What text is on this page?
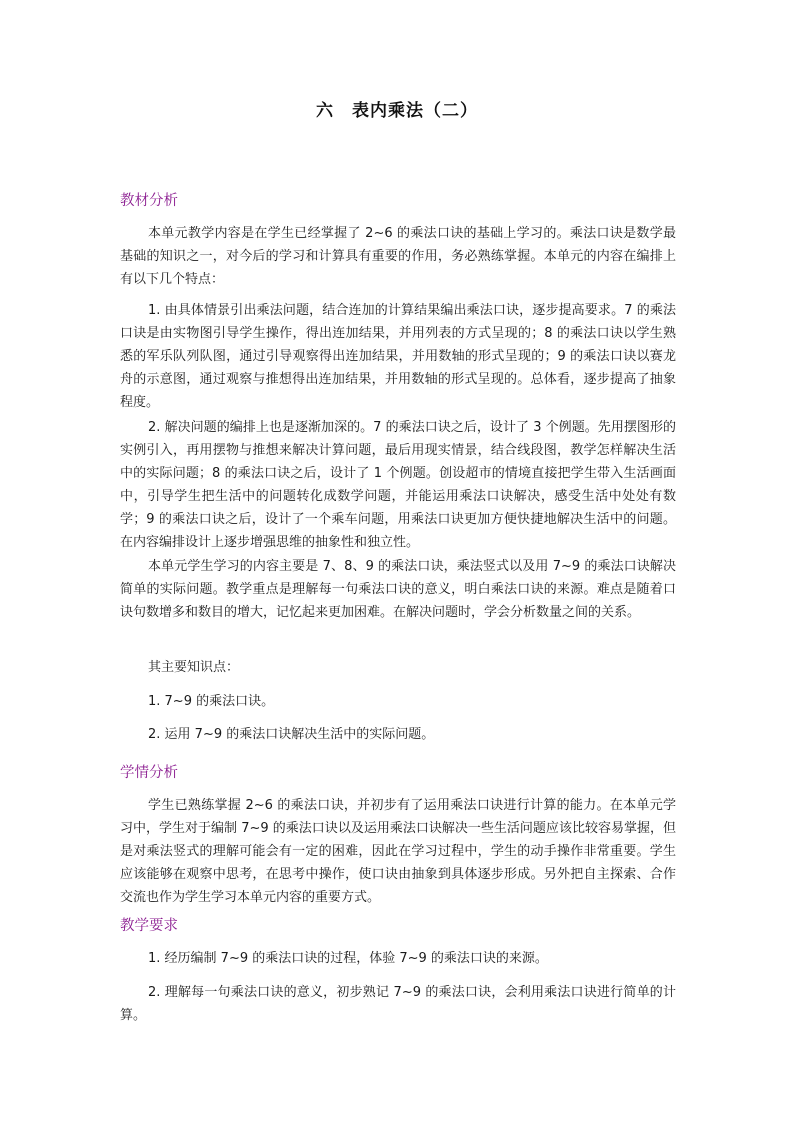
六　表内乘法（二）
教材分析

本单元教学内容是在学生已经掌握了 2~6 的乘法口诀的基础上学习的。乘法口诀是数学最基础的知识之一，对今后的学习和计算具有重要的作用，务必熟练掌握。本单元的内容在编排上有以下几个特点：

1. 由具体情景引出乘法问题，结合连加的计算结果编出乘法口诀，逐步提高要求。7 的乘法口诀是由实物图引导学生操作，得出连加结果，并用列表的方式呈现的；8 的乘法口诀以学生熟悉的军乐队列队图，通过引导观察得出连加结果，并用数轴的形式呈现的；9 的乘法口诀以赛龙舟的示意图，通过观察与推想得出连加结果，并用数轴的形式呈现的。总体看，逐步提高了抽象程度。

2. 解决问题的编排上也是逐渐加深的。7 的乘法口诀之后，设计了 3 个例题。先用摆图形的实例引入，再用摆物与推想来解决计算问题，最后用现实情景，结合线段图，教学怎样解决生活中的实际问题；8 的乘法口诀之后，设计了 1 个例题。创设超市的情境直接把学生带入生活画面中，引导学生把生活中的问题转化成数学问题，并能运用乘法口诀解决，感受生活中处处有数学；9 的乘法口诀之后，设计了一个乘车问题，用乘法口诀更加方便快捷地解决生活中的问题。在内容编排设计上逐步增强思维的抽象性和独立性。

本单元学生学习的内容主要是 7、8、9 的乘法口诀，乘法竖式以及用 7~9 的乘法口诀解决简单的实际问题。教学重点是理解每一句乘法口诀的意义，明白乘法口诀的来源。难点是随着口诀句数增多和数目的增大，记忆起来更加困难。在解决问题时，学会分析数量之间的关系。

其主要知识点：
1. 7~9 的乘法口诀。
2. 运用 7~9 的乘法口诀解决生活中的实际问题。
学情分析

学生已熟练掌握 2~6 的乘法口诀，并初步有了运用乘法口诀进行计算的能力。在本单元学习中，学生对于编制 7~9 的乘法口诀以及运用乘法口诀解决一些生活问题应该比较容易掌握，但是对乘法竖式的理解可能会有一定的困难，因此在学习过程中，学生的动手操作非常重要。学生应该能够在观察中思考，在思考中操作，使口诀由抽象到具体逐步形成。另外把自主探索、合作交流也作为学生学习本单元内容的重要方式。

教学要求

1. 经历编制 7~9 的乘法口诀的过程，体验 7~9 的乘法口诀的来源。

2. 理解每一句乘法口诀的意义，初步熟记 7~9 的乘法口诀，会利用乘法口诀进行简单的计算。
